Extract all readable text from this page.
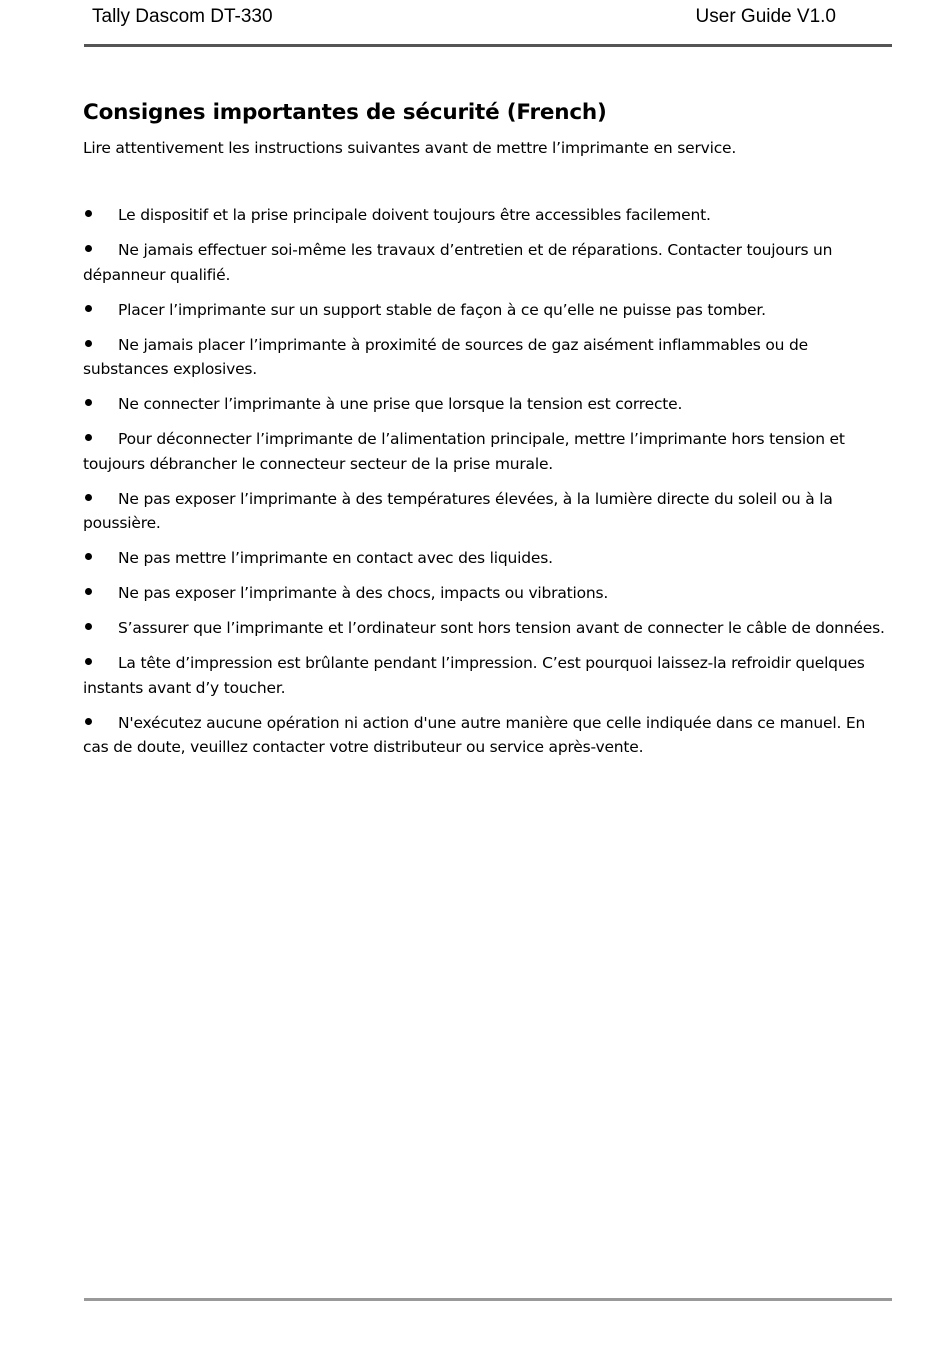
Tally Dascom DT-330	User Guide V1.0
Consignes importantes de sécurité (French)

Lire attentivement les instructions suivantes avant de mettre l’imprimante en service.

Le dispositif et la prise principale doivent toujours être accessibles facilement.
Ne jamais effectuer soi-même les travaux d’entretien et de réparations. Contacter toujours un dépanneur qualifié.
Placer l’imprimante sur un support stable de façon à ce qu’elle ne puisse pas tomber.
Ne jamais placer l’imprimante à proximité de sources de gaz aisément inflammables ou de substances explosives.
Ne connecter l’imprimante à une prise que lorsque la tension est correcte.
Pour déconnecter l’imprimante de l’alimentation principale, mettre l’imprimante hors tension et toujours débrancher le connecteur secteur de la prise murale.
Ne pas exposer l’imprimante à des températures élevées, à la lumière directe du soleil ou à la poussière.
Ne pas mettre l’imprimante en contact avec des liquides.
Ne pas exposer l’imprimante à des chocs, impacts ou vibrations.
S’assurer que l’imprimante et l’ordinateur sont hors tension avant de connecter le câble de données.
La tête d’impression est brûlante pendant l’impression. C’est pourquoi laissez-la refroidir quelques instants avant d’y toucher.
N'exécutez aucune opération ni action d'une autre manière que celle indiquée dans ce manuel. En cas de doute, veuillez contacter votre distributeur ou service après-vente.
